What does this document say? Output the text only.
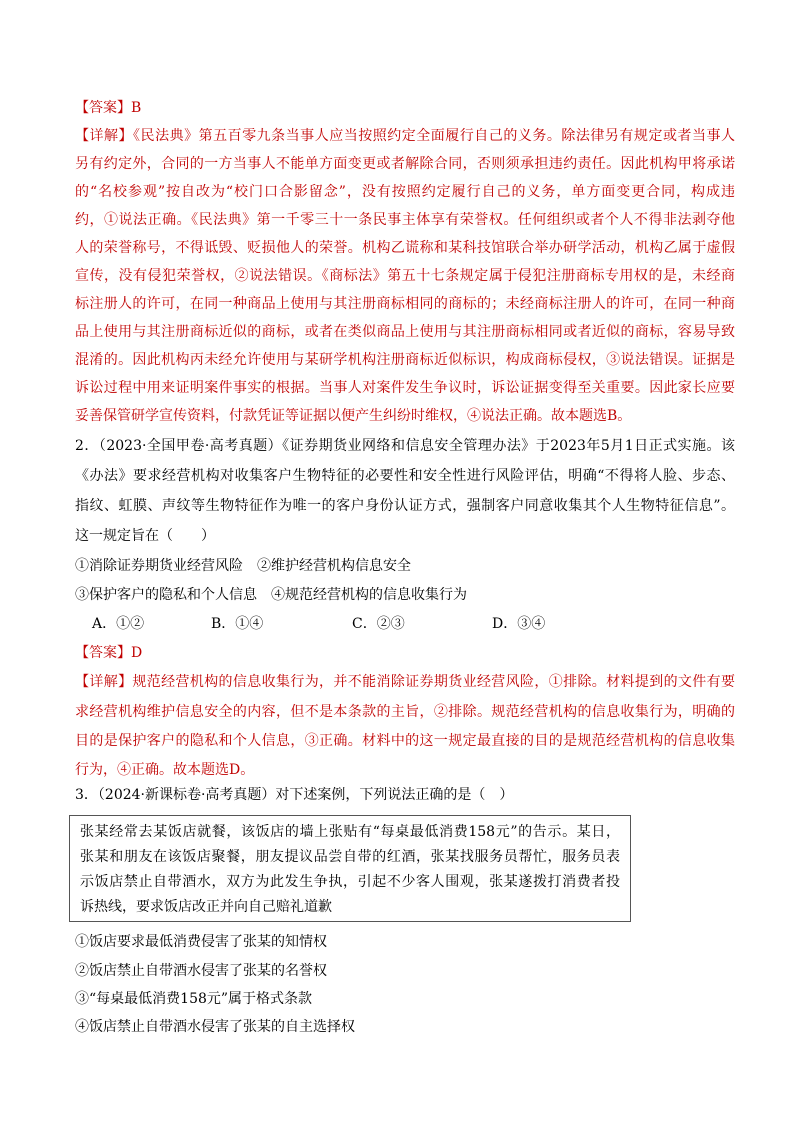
【答案】B

【详解】《民法典》第五百零九条当事人应当按照约定全面履行自己的义务。除法律另有规定或者当事人

另有约定外，合同的一方当事人不能单方面变更或者解除合同，否则须承担违约责任。因此机构甲将承诺

的“名校参观”按自改为“校门口合影留念”，没有按照约定履行自己的义务，单方面变更合同，构成违

约，①说法正确。《民法典》第一千零三十一条民事主体享有荣誉权。任何组织或者个人不得非法剥夺他

人的荣誉称号，不得诋毁、贬损他人的荣誉。机构乙谎称和某科技馆联合举办研学活动，机构乙属于虚假

宣传，没有侵犯荣誉权，②说法错误。《商标法》第五十七条规定属于侵犯注册商标专用权的是，未经商

标注册人的许可，在同一种商品上使用与其注册商标相同的商标的；未经商标注册人的许可，在同一种商

品上使用与其注册商标近似的商标，或者在类似商品上使用与其注册商标相同或者近似的商标，容易导致

混淆的。因此机构丙未经允许使用与某研学机构注册商标近似标识，构成商标侵权，③说法错误。证据是

诉讼过程中用来证明案件事实的根据。当事人对案件发生争议时，诉讼证据变得至关重要。因此家长应要

妥善保管研学宣传资料，付款凭证等证据以便产生纠纷时维权，④说法正确。故本题选B。

2．（2023·全国甲卷·高考真题）《证券期货业网络和信息安全管理办法》于2023年5月1日正式实施。该

《办法》要求经营机构对收集客户生物特征的必要性和安全性进行风险评估，明确“不得将人脸、步态、

指纹、虹膜、声纹等生物特征作为唯一的客户身份认证方式，强制客户同意收集其个人生物特征信息”。

这一规定旨在（　　）

①消除证券期货业经营风险　②维护经营机构信息安全

③保护客户的隐私和个人信息　④规范经营机构的信息收集行为

A．①②	B．①④	C．②③	D．③④

【答案】D

【详解】规范经营机构的信息收集行为，并不能消除证券期货业经营风险，①排除。材料提到的文件有要

求经营机构维护信息安全的内容，但不是本条款的主旨，②排除。规范经营机构的信息收集行为，明确的

目的是保护客户的隐私和个人信息，③正确。材料中的这一规定最直接的目的是规范经营机构的信息收集

行为，④正确。故本题选D。

3．（2024·新课标卷·高考真题）对下述案例，下列说法正确的是（　）

张某经常去某饭店就餐，该饭店的墙上张贴有“每桌最低消费158元”的告示。某日，

张某和朋友在该饭店聚餐，朋友提议品尝自带的红酒，张某找服务员帮忙，服务员表

示饭店禁止自带酒水，双方为此发生争执，引起不少客人围观，张某遂拨打消费者投

诉热线，要求饭店改正并向自己赔礼道歉

①饭店要求最低消费侵害了张某的知情权

②饭店禁止自带酒水侵害了张某的名誉权

③“每桌最低消费158元”属于格式条款

④饭店禁止自带酒水侵害了张某的自主选择权
